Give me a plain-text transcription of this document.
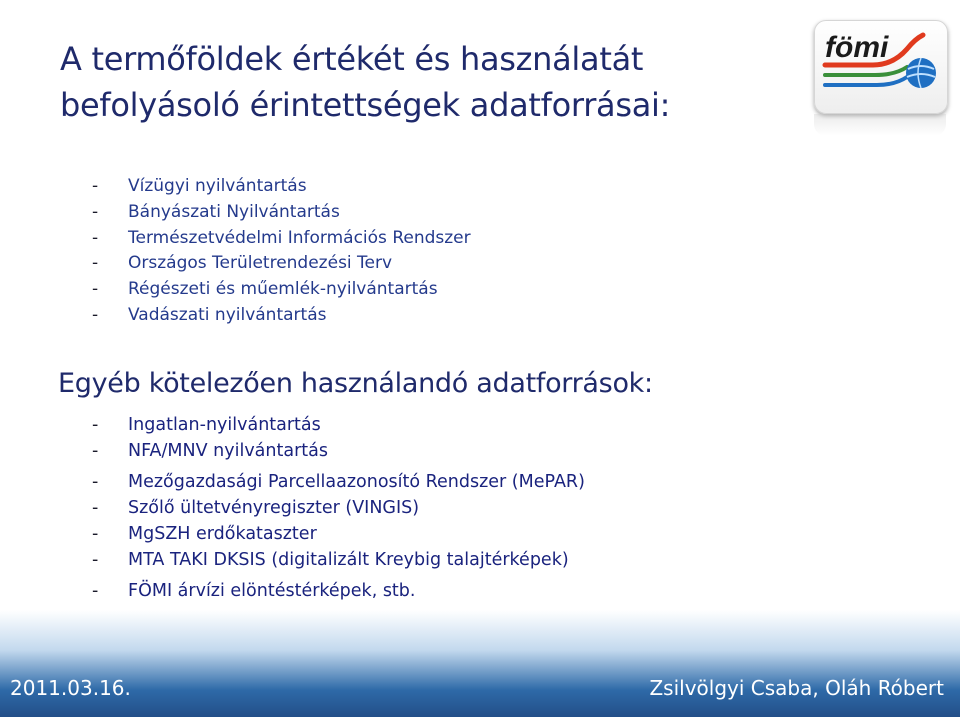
A termőföldek értékét és használatát befolyásoló érintettségek adatforrásai:
fömi
- Vízügyi nyilvántartás
- Bányászati Nyilvántartás
- Természetvédelmi Információs Rendszer
- Országos Területrendezési Terv
- Régészeti és műemlék-nyilvántartás
- Vadászati nyilvántartás
Egyéb kötelezően használandó adatforrások:
- Ingatlan-nyilvántartás
- NFA/MNV nyilvántartás
- Mezőgazdasági Parcellaazonosító Rendszer (MePAR)
- Szőlő ültetvényregiszter (VINGIS)
- MgSZH erdőkataszter
- MTA TAKI DKSIS (digitalizált Kreybig talajtérképek)
- FÖMI árvízi elöntéstérképek, stb.
2011.03.16.	Zsilvölgyi Csaba, Oláh Róbert
